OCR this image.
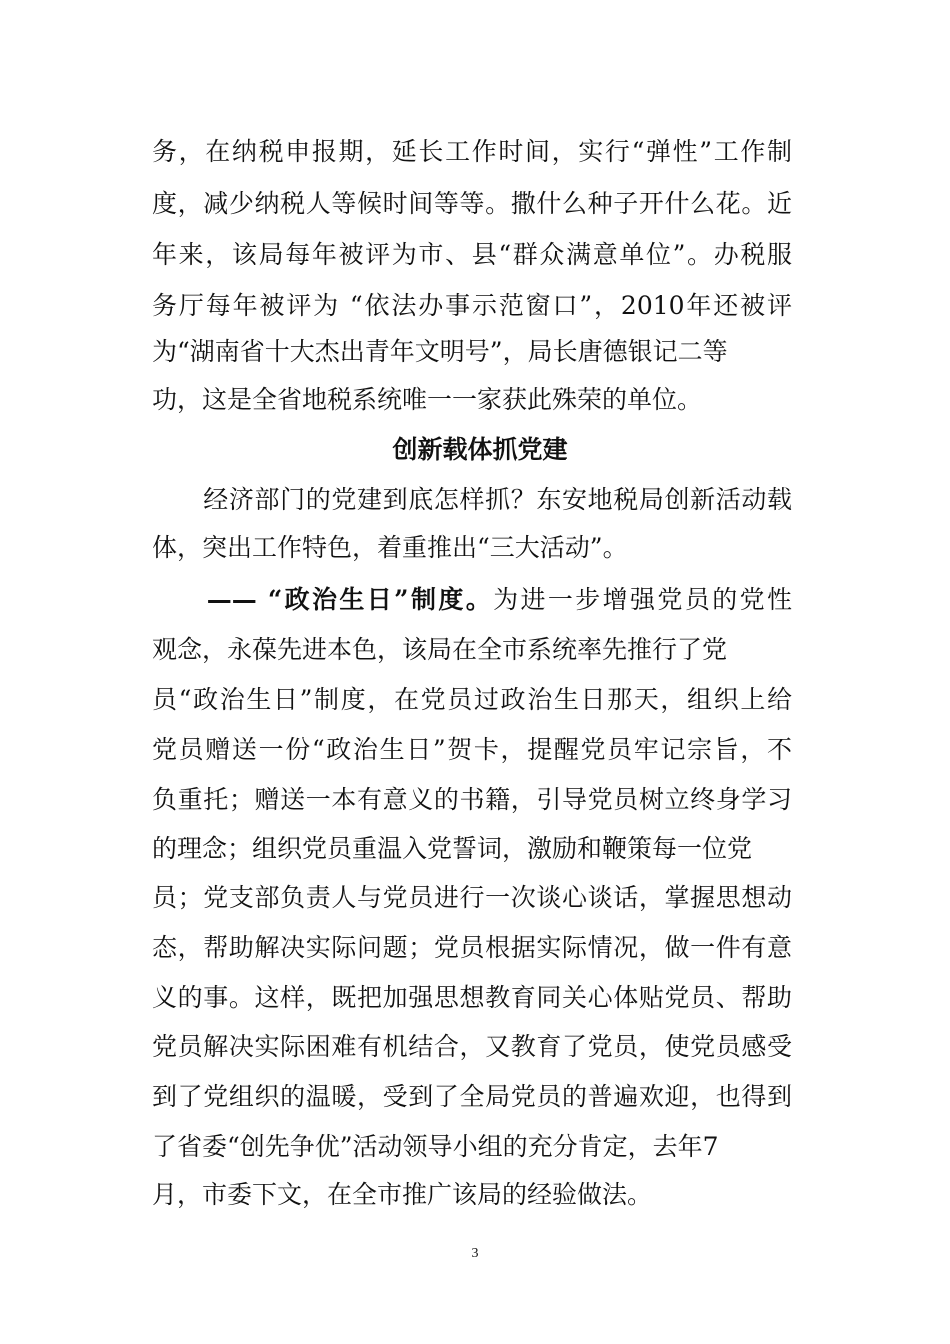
务，在纳税申报期，延长工作时间，实行“弹性”工作制
度，减少纳税人等候时间等等。撒什么种子开什么花。近
年来，该局每年被评为市、县“群众满意单位”。办税服
务厅每年被评为 “依法办事示范窗口”，2010年还被评
为“湖南省十大杰出青年文明号”，局长唐德银记二等
功，这是全省地税系统唯一一家获此殊荣的单位。
创新载体抓党建
　　经济部门的党建到底怎样抓？东安地税局创新活动载
体，突出工作特色，着重推出“三大活动”。
　　—— “政治生日”制度。为进一步增强党员的党性
观念，永葆先进本色，该局在全市系统率先推行了党
员“政治生日”制度，在党员过政治生日那天，组织上给
党员赠送一份“政治生日”贺卡，提醒党员牢记宗旨，不
负重托；赠送一本有意义的书籍，引导党员树立终身学习
的理念；组织党员重温入党誓词，激励和鞭策每一位党
员；党支部负责人与党员进行一次谈心谈话，掌握思想动
态，帮助解决实际问题；党员根据实际情况，做一件有意
义的事。这样，既把加强思想教育同关心体贴党员、帮助
党员解决实际困难有机结合，又教育了党员，使党员感受
到了党组织的温暖，受到了全局党员的普遍欢迎，也得到
了省委“创先争优”活动领导小组的充分肯定，去年7
月，市委下文，在全市推广该局的经验做法。
3
